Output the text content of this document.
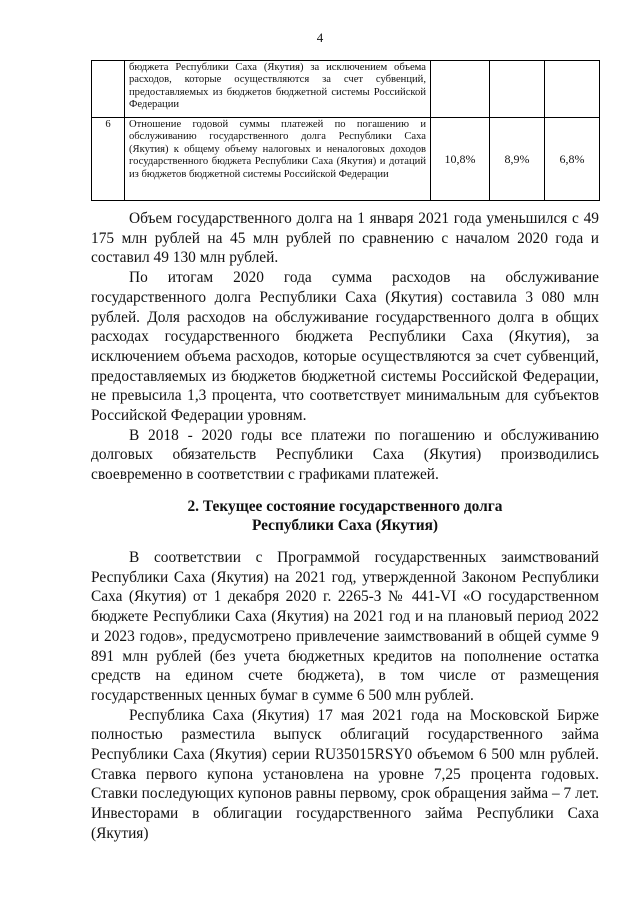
4
	бюджета Республики Саха (Якутия) за исключением объема расходов, которые осуществляются за счет субвенций, предоставляемых из бюджетов бюджетной системы Российской Федерации			
6	Отношение годовой суммы платежей по погашению и обслуживанию государственного долга Республики Саха (Якутия) к общему объему налоговых и неналоговых доходов государственного бюджета Республики Саха (Якутия) и дотаций из бюджетов бюджетной системы Российской Федерации	10,8%	8,9%	6,8%

Объем государственного долга на 1 января 2021 года уменьшился с 49 175 млн рублей на 45 млн рублей по сравнению с началом 2020 года и составил 49 130 млн рублей.

По итогам 2020 года сумма расходов на обслуживание государственного долга Республики Саха (Якутия) составила 3 080 млн рублей. Доля расходов на обслуживание государственного долга в общих расходах государственного бюджета Республики Саха (Якутия), за исключением объема расходов, которые осуществляются за счет субвенций, предоставляемых из бюджетов бюджетной системы Российской Федерации, не превысила 1,3 процента, что соответствует минимальным для субъектов Российской Федерации уровням.

В 2018 - 2020 годы все платежи по погашению и обслуживанию долговых обязательств Республики Саха (Якутия) производились своевременно в соответствии с графиками платежей.

2. Текущее состояние государственного долга
Республики Саха (Якутия)

В соответствии с Программой государственных заимствований Республики Саха (Якутия) на 2021 год, утвержденной Законом Республики Саха (Якутия) от 1 декабря 2020 г. 2265-З № 441-VI «О государственном бюджете Республики Саха (Якутия) на 2021 год и на плановый период 2022 и 2023 годов», предусмотрено привлечение заимствований в общей сумме 9 891 млн рублей (без учета бюджетных кредитов на пополнение остатка средств на едином счете бюджета), в том числе от размещения государственных ценных бумаг в сумме 6 500 млн рублей.

Республика Саха (Якутия) 17 мая 2021 года на Московской Бирже полностью разместила выпуск облигаций государственного займа Республики Саха (Якутия) серии RU35015RSY0 объемом 6 500 млн рублей. Ставка первого купона установлена на уровне 7,25 процента годовых. Ставки последующих купонов равны первому, срок обращения займа – 7 лет. Инвесторами в облигации государственного займа Республики Саха (Якутия)
